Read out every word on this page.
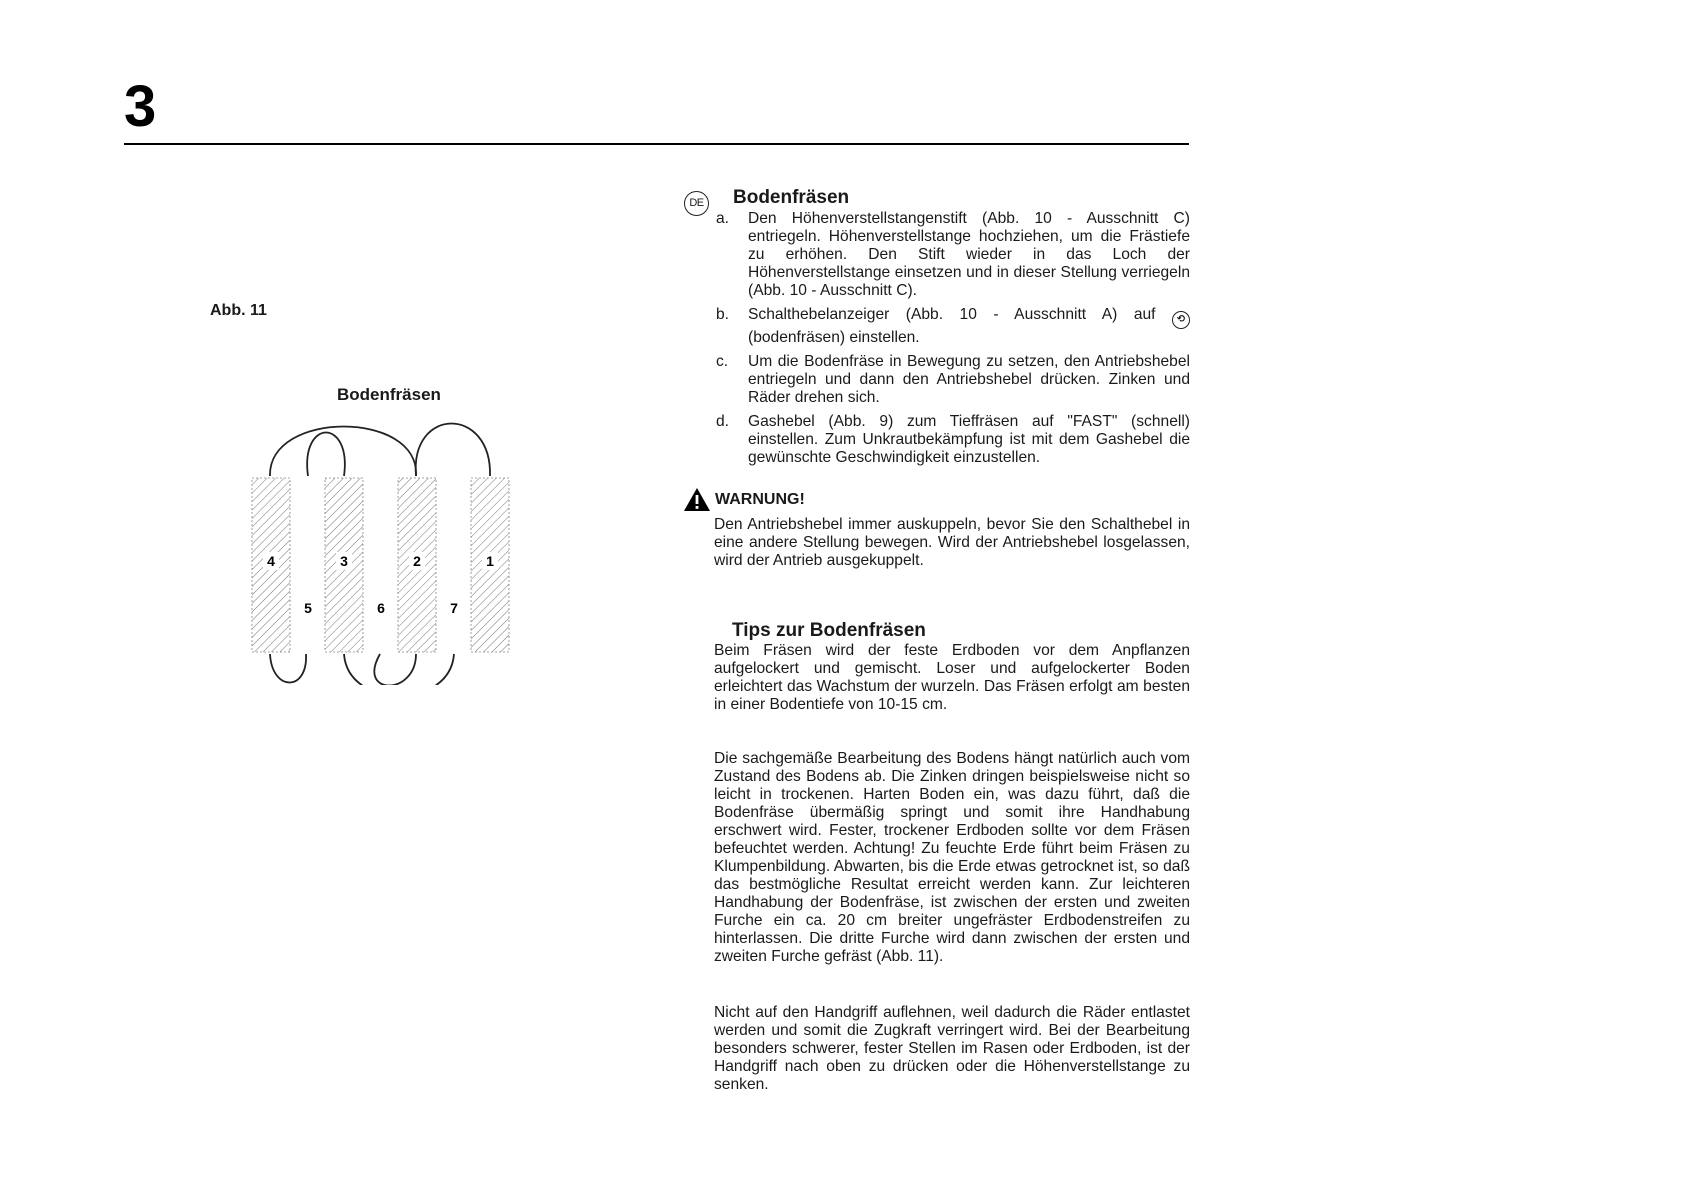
3
Abb. 11
Bodenfräsen
4	3	2	1
5	6	7
DE Bodenfräsen
a.	Den Höhenverstellstangenstift (Abb. 10 - Ausschnitt C) entriegeln. Höhenverstellstange hochziehen, um die Frästiefe zu erhöhen. Den Stift wieder in das Loch der Höhenverstellstange einsetzen und in dieser Stellung verriegeln (Abb. 10 - Ausschnitt C).
b.	Schalthebelanzeiger (Abb. 10 - Ausschnitt A) auf ⟲ (bodenfräsen) einstellen.
c.	Um die Bodenfräse in Bewegung zu setzen, den Antriebshebel entriegeln und dann den Antriebshebel drücken. Zinken und Räder drehen sich.
d.	Gashebel (Abb. 9) zum Tieffräsen auf "FAST" (schnell) einstellen. Zum Unkrautbekämpfung ist mit dem Gashebel die gewünschte Geschwindigkeit einzustellen.
WARNUNG!

Den Antriebshebel immer auskuppeln, bevor Sie den Schalthebel in eine andere Stellung bewegen. Wird der Antriebshebel losgelassen, wird der Antrieb ausgekuppelt.

Tips zur Bodenfräsen

Beim Fräsen wird der feste Erdboden vor dem Anpflanzen aufgelockert und gemischt. Loser und aufgelockerter Boden erleichtert das Wachstum der wurzeln. Das Fräsen erfolgt am besten in einer Bodentiefe von 10-15 cm.

Die sachgemäße Bearbeitung des Bodens hängt natürlich auch vom Zustand des Bodens ab. Die Zinken dringen beispielsweise nicht so leicht in trockenen. Harten Boden ein, was dazu führt, daß die Bodenfräse übermäßig springt und somit ihre Handhabung erschwert wird. Fester, trockener Erdboden sollte vor dem Fräsen befeuchtet werden. Achtung! Zu feuchte Erde führt beim Fräsen zu Klumpenbildung. Abwarten, bis die Erde etwas getrocknet ist, so daß das bestmögliche Resultat erreicht werden kann. Zur leichteren Handhabung der Bodenfräse, ist zwischen der ersten und zweiten Furche ein ca. 20 cm breiter ungefräster Erdbodenstreifen zu hinterlassen. Die dritte Furche wird dann zwischen der ersten und zweiten Furche gefräst (Abb. 11).

Nicht auf den Handgriff auflehnen, weil dadurch die Räder entlastet werden und somit die Zugkraft verringert wird. Bei der Bearbeitung besonders schwerer, fester Stellen im Rasen oder Erdboden, ist der Handgriff nach oben zu drücken oder die Höhenverstellstange zu senken.
